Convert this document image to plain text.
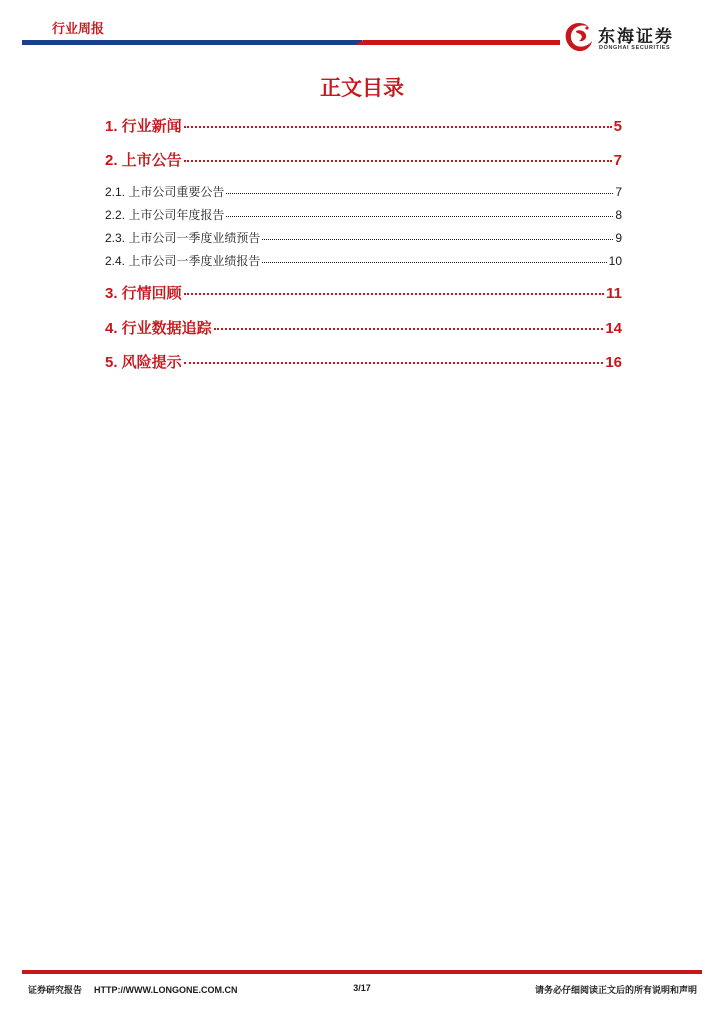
行业周报	东海证券
DONGHAI SECURITIES
正文目录
1. 行业新闻	5
2. 上市公告	7
2.1. 上市公司重要公告	7
2.2. 上市公司年度报告	8
2.3. 上市公司一季度业绩预告	9
2.4. 上市公司一季度业绩报告	10
3. 行情回顾	11
4. 行业数据追踪	14
5. 风险提示	16
证券研究报告 HTTP://WWW.LONGONE.COM.CN	3/17	请务必仔细阅读正文后的所有说明和声明
